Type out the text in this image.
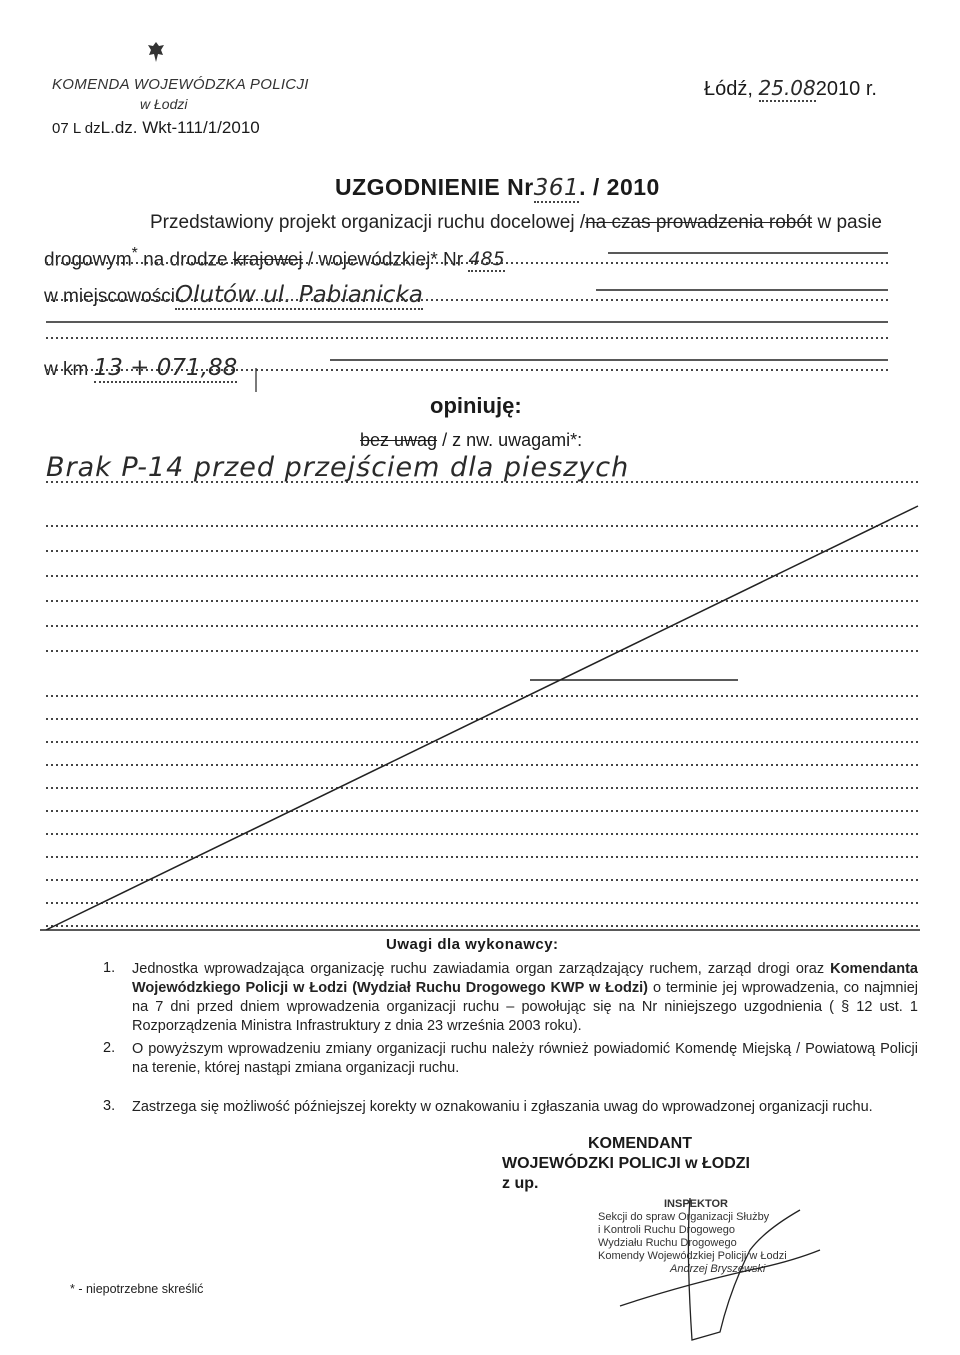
KOMENDA WOJEWÓDZKA POLICJI
w Łodzi
07 L dzL.dz. Wkt-111/1/2010
Łódź, 25.082010 r.
UZGODNIENIE Nr361. / 2010
Przedstawiony projekt organizacji ruchu docelowej /na czas prowadzenia robót w pasie
drogowym* na drodze krajowej / wojewódzkiej* Nr 485
w miejscowościOlutów ul. Pabianicka
w km 13 + 071,88
opiniuję:
bez uwag / z nw. uwagami*:
Brak P-14 przed przejściem dla pieszych
Uwagi dla wykonawcy:
1. Jednostka wprowadzająca organizację ruchu zawiadamia organ zarządzający ruchem, zarząd drogi oraz Komendanta Wojewódzkiego Policji w Łodzi (Wydział Ruchu Drogowego KWP w Łodzi) o terminie jej wprowadzenia, co najmniej na 7 dni przed dniem wprowadzenia organizacji ruchu – powołując się na Nr niniejszego uzgodnienia ( § 12 ust. 1 Rozporządzenia Ministra Infrastruktury z dnia 23 września 2003 roku).
2. O powyższym wprowadzeniu zmiany organizacji ruchu należy również powiadomić Komendę Miejską / Powiatową Policji na terenie, której nastąpi zmiana organizacji ruchu.
3. Zastrzega się możliwość późniejszej korekty w oznakowaniu i zgłaszania uwag do wprowadzonej organizacji ruchu.
KOMENDANT
WOJEWÓDZKI POLICJI w ŁODZI
z up.
INSPEKTOR
Sekcji do spraw Organizacji Służby
i Kontroli Ruchu Drogowego
Wydziału Ruchu Drogowego
Komendy Wojewódzkiej Policji w Łodzi
Andrzej Bryszewski
* - niepotrzebne skreślić
